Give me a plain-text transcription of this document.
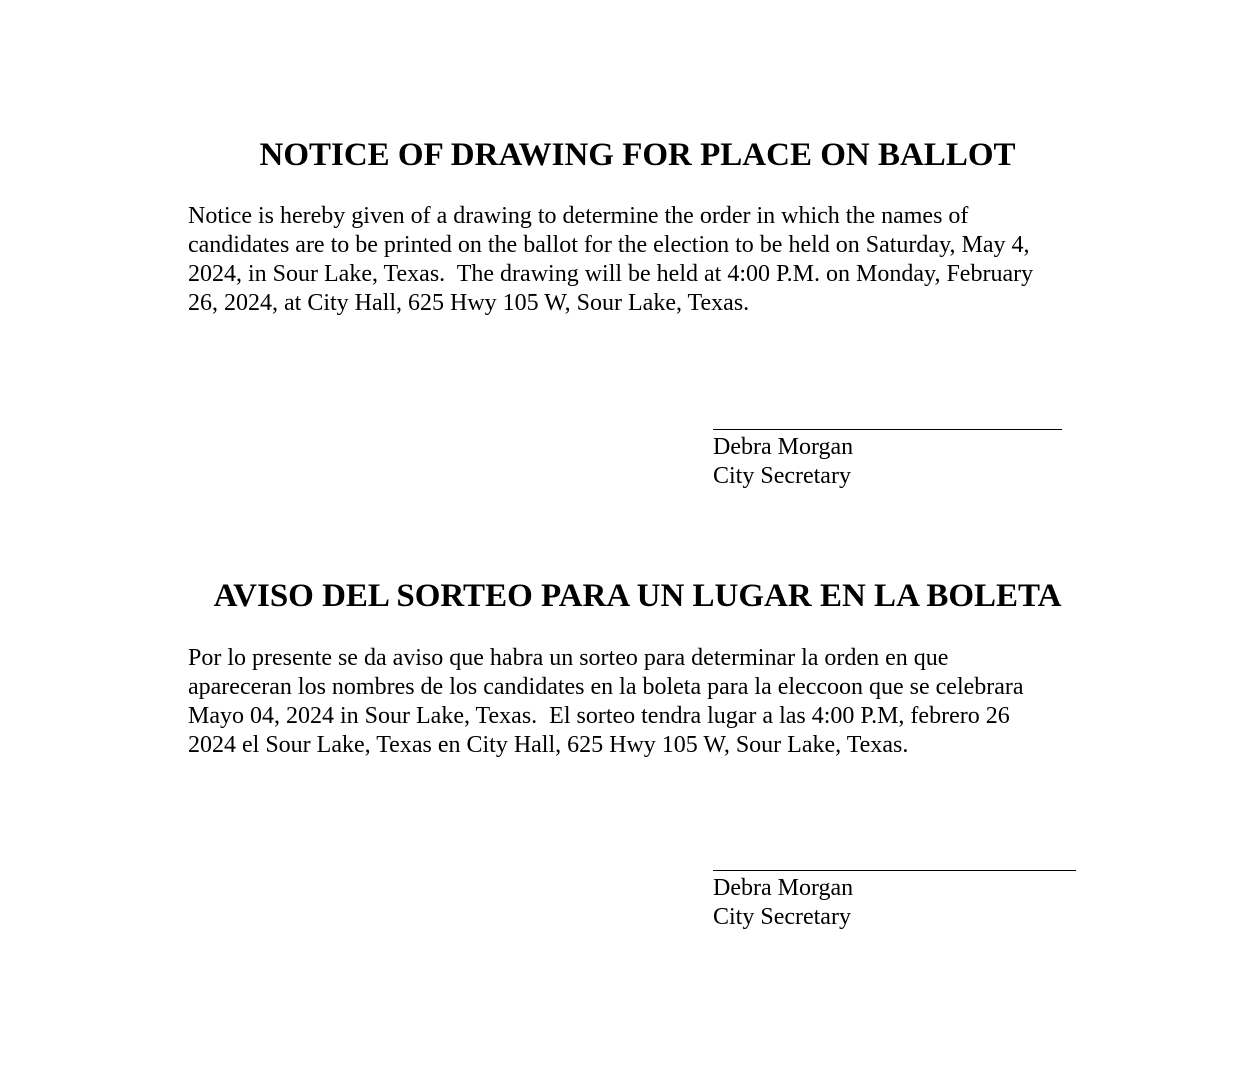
NOTICE OF DRAWING FOR PLACE ON BALLOT

Notice is hereby given of a drawing to determine the order in which the names of
candidates are to be printed on the ballot for the election to be held on Saturday, May 4,
2024, in Sour Lake, Texas.  The drawing will be held at 4:00 P.M. on Monday, February
26, 2024, at City Hall, 625 Hwy 105 W, Sour Lake, Texas.

Debra Morgan
City Secretary
AVISO DEL SORTEO PARA UN LUGAR EN LA BOLETA

Por lo presente se da aviso que habra un sorteo para determinar la orden en que
apareceran los nombres de los candidates en la boleta para la eleccoon que se celebrara
Mayo 04, 2024 in Sour Lake, Texas.  El sorteo tendra lugar a las 4:00 P.M, febrero 26
2024 el Sour Lake, Texas en City Hall, 625 Hwy 105 W, Sour Lake, Texas.

Debra Morgan
City Secretary
